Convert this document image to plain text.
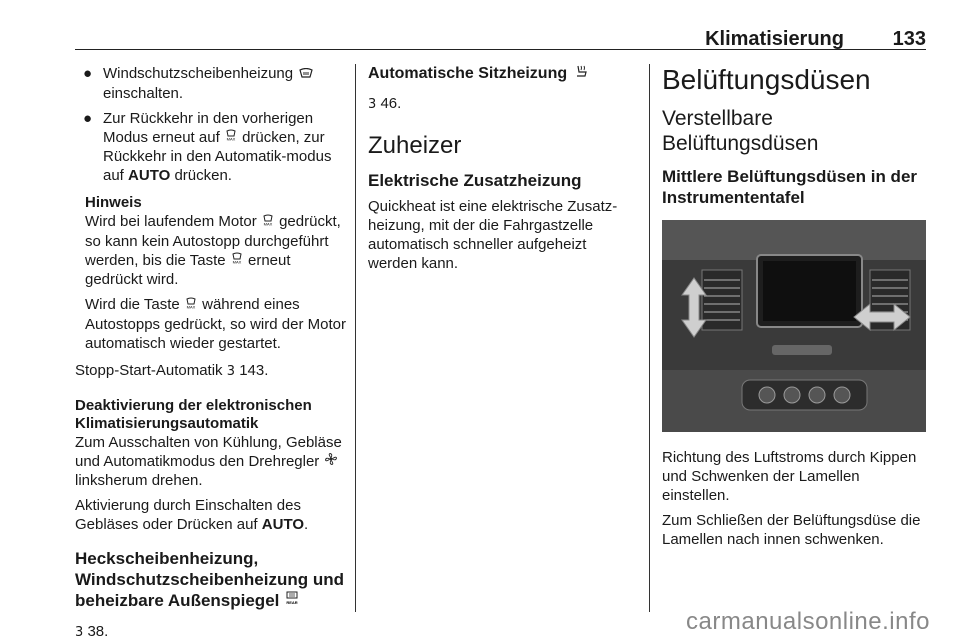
Klimatisierung 133
● Windschutzscheibenheizung
einschalten.
● Zur Rückkehr in den vorherigen Modus erneut auf MAX drücken, zur Rückkehr in den Automatik-modus auf AUTO drücken.
Hinweis

Wird bei laufendem Motor MAX gedrückt, so kann kein Autostopp durchgeführt werden, bis die Taste MAX erneut gedrückt wird.

Wird die Taste MAX während eines Autostopps gedrückt, so wird der Motor automatisch wieder gestartet.

Stopp-Start-Automatik 3 143.

Deaktivierung der elektronischen Klimatisierungsautomatik

Zum Ausschalten von Kühlung, Gebläse und Automatikmodus den Drehregler  linksherum drehen.

Aktivierung durch Einschalten des Gebläses oder Drücken auf AUTO.

Heckscheibenheizung, Windschutzscheibenheizung und beheizbare Außenspiegel REAR

3 38.

Automatische Sitzheizung

3 46.

Zuheizer
Elektrische Zusatzheizung

Quickheat ist eine elektrische Zusatz-heizung, mit der die Fahrgastzelle automatisch schneller aufgeheizt werden kann.

Belüftungsdüsen
Verstellbare Belüftungsdüsen
Mittlere Belüftungsdüsen in der Instrumententafel

Richtung des Luftstroms durch Kippen und Schwenken der Lamellen einstellen.

Zum Schließen der Belüftungsdüse die Lamellen nach innen schwenken.

carmanualsonline.info
